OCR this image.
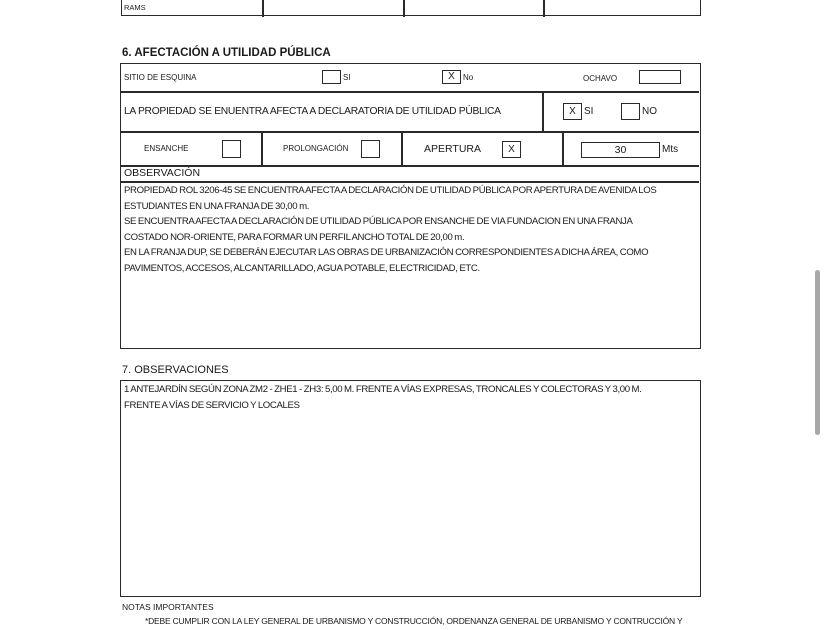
RAMS
6. AFECTACIÓN A UTILIDAD PÚBLICA
SITIO DE ESQUINA	SI	X	No	OCHAVO
LA PROPIEDAD SE ENUENTRA AFECTA A DECLARATORIA DE UTILIDAD PÚBLICA	X SI	NO
ENSANCHE	PROLONGACIÓN	APERTURA	X	30	Mts
OBSERVACIÓN
PROPIEDAD ROL 3206-45 SE ENCUENTRA AFECTA A DECLARACIÓN DE UTILIDAD PÚBLICA POR APERTURA DE AVENIDA LOS
ESTUDIANTES EN UNA FRANJA DE 30,00 m.
SE ENCUENTRA AFECTA A DECLARACIÓN DE UTILIDAD PÚBLICA POR ENSANCHE DE VIA FUNDACION EN UNA FRANJA
COSTADO NOR-ORIENTE, PARA FORMAR UN PERFIL ANCHO TOTAL DE 20,00 m.
EN LA FRANJA DUP, SE DEBERÁN EJECUTAR LAS OBRAS DE URBANIZACIÓN CORRESPONDIENTES A DICHA ÁREA, COMO
PAVIMENTOS, ACCESOS, ALCANTARILLADO, AGUA POTABLE, ELECTRICIDAD, ETC.
7. OBSERVACIONES
1 ANTEJARDÍN SEGÚN ZONA ZM2 - ZHE1 - ZH3: 5,00 M. FRENTE A VÍAS EXPRESAS, TRONCALES Y COLECTORAS Y 3,00 M.
FRENTE A VÍAS DE SERVICIO Y LOCALES
NOTAS IMPORTANTES
*DEBE CUMPLIR CON LA LEY GENERAL DE URBANISMO Y CONSTRUCCIÓN, ORDENANZA GENERAL DE URBANISMO Y CONTRUCCIÓN Y
